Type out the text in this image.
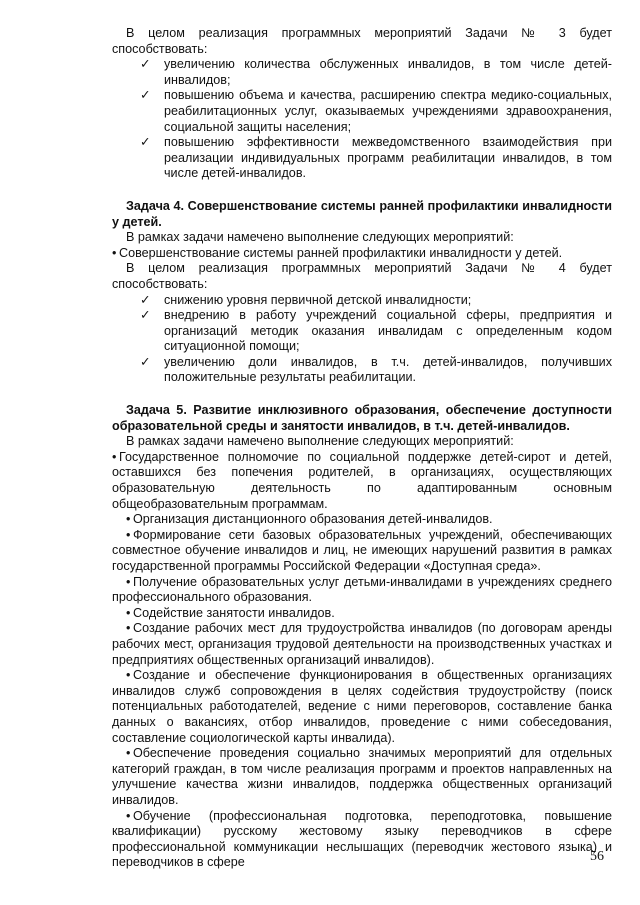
В целом реализация программных мероприятий Задачи № 3 будет способствовать:

✓ увеличению количества обслуженных инвалидов, в том числе детей-инвалидов;
✓ повышению объема и качества, расширению спектра медико-социальных, реабилитационных услуг, оказываемых учреждениями здравоохранения, социальной защиты населения;
✓ повышению эффективности межведомственного взаимодействия при реализации индивидуальных программ реабилитации инвалидов, в том числе детей-инвалидов.

Задача 4. Совершенствование системы ранней профилактики инвалидности у детей.

В рамках задачи намечено выполнение следующих мероприятий:

• Совершенствование системы ранней профилактики инвалидности у детей.

В целом реализация программных мероприятий Задачи № 4 будет способствовать:

✓ снижению уровня первичной детской инвалидности;
✓ внедрению в работу учреждений социальной сферы, предприятия и организаций методик оказания инвалидам с определенным кодом ситуационной помощи;
✓ увеличению доли инвалидов, в т.ч. детей-инвалидов, получивших положительные результаты реабилитации.

Задача 5. Развитие инклюзивного образования, обеспечение доступности образовательной среды и занятости инвалидов, в т.ч. детей-инвалидов.

В рамках задачи намечено выполнение следующих мероприятий:

• Государственное полномочие по социальной поддержке детей-сирот и детей, оставшихся без попечения родителей, в организациях, осуществляющих образовательную деятельность по адаптированным основным общеобразовательным программам.

• Организация дистанционного образования детей-инвалидов.

• Формирование сети базовых образовательных учреждений, обеспечивающих совместное обучение инвалидов и лиц, не имеющих нарушений развития в рамках государственной программы Российской Федерации «Доступная среда».

• Получение образовательных услуг детьми-инвалидами в учреждениях среднего профессионального образования.

• Содействие занятости инвалидов.

• Создание рабочих мест для трудоустройства инвалидов (по договорам аренды рабочих мест, организация трудовой деятельности на производственных участках и предприятиях общественных организаций инвалидов).

• Создание и обеспечение функционирования в общественных организациях инвалидов служб сопровождения в целях содействия трудоустройству (поиск потенциальных работодателей, ведение с ними переговоров, составление банка данных о вакансиях, отбор инвалидов, проведение с ними собеседования, составление социологической карты инвалида).

• Обеспечение проведения социально значимых мероприятий для отдельных категорий граждан, в том числе реализация программ и проектов направленных на улучшение качества жизни инвалидов, поддержка общественных организаций инвалидов.

• Обучение (профессиональная подготовка, переподготовка, повышение квалификации) русскому жестовому языку переводчиков в сфере профессиональной коммуникации неслышащих (переводчик жестового языка) и переводчиков в сфере	56
